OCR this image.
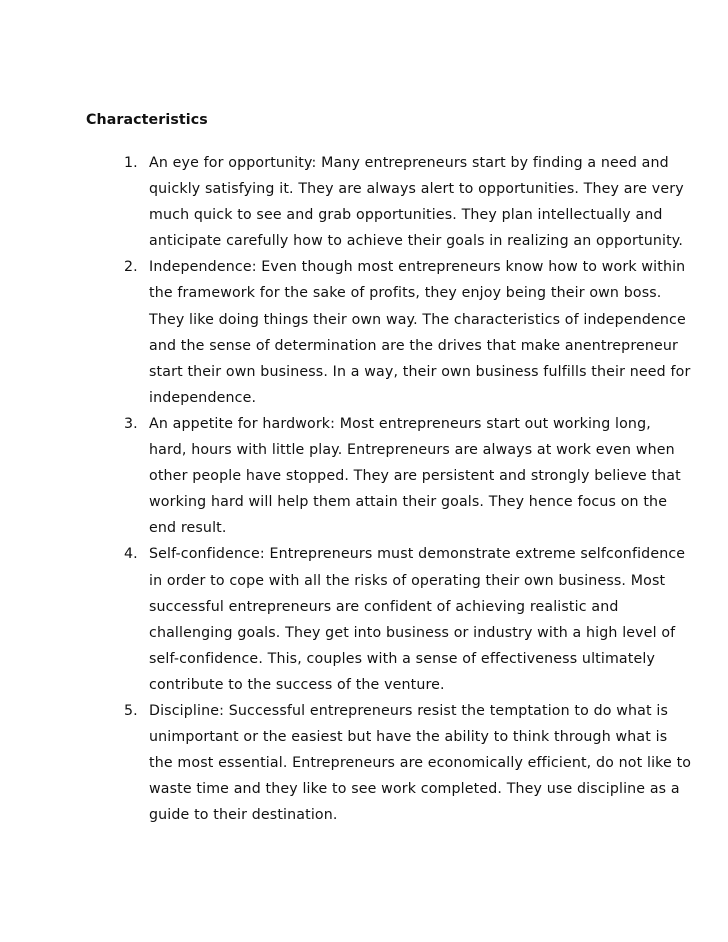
Characteristics
1. An eye for opportunity: Many entrepreneurs start by finding a need and
quickly satisfying it. They are always alert to opportunities. They are very
much quick to see and grab opportunities. They plan intellectually and
anticipate carefully how to achieve their goals in realizing an opportunity.
2. Independence: Even though most entrepreneurs know how to work within
the framework for the sake of profits, they enjoy being their own boss.
They like doing things their own way. The characteristics of independence
and the sense of determination are the drives that make anentrepreneur
start their own business. In a way, their own business fulfills their need for
independence.
3. An appetite for hardwork: Most entrepreneurs start out working long,
hard, hours with little play. Entrepreneurs are always at work even when
other people have stopped. They are persistent and strongly believe that
working hard will help them attain their goals. They hence focus on the
end result.
4. Self-confidence: Entrepreneurs must demonstrate extreme selfconfidence
in order to cope with all the risks of operating their own business. Most
successful entrepreneurs are confident of achieving realistic and
challenging goals. They get into business or industry with a high level of
self-confidence. This, couples with a sense of effectiveness ultimately
contribute to the success of the venture.
5. Discipline: Successful entrepreneurs resist the temptation to do what is
unimportant or the easiest but have the ability to think through what is
the most essential. Entrepreneurs are economically efficient, do not like to
waste time and they like to see work completed. They use discipline as a
guide to their destination.
